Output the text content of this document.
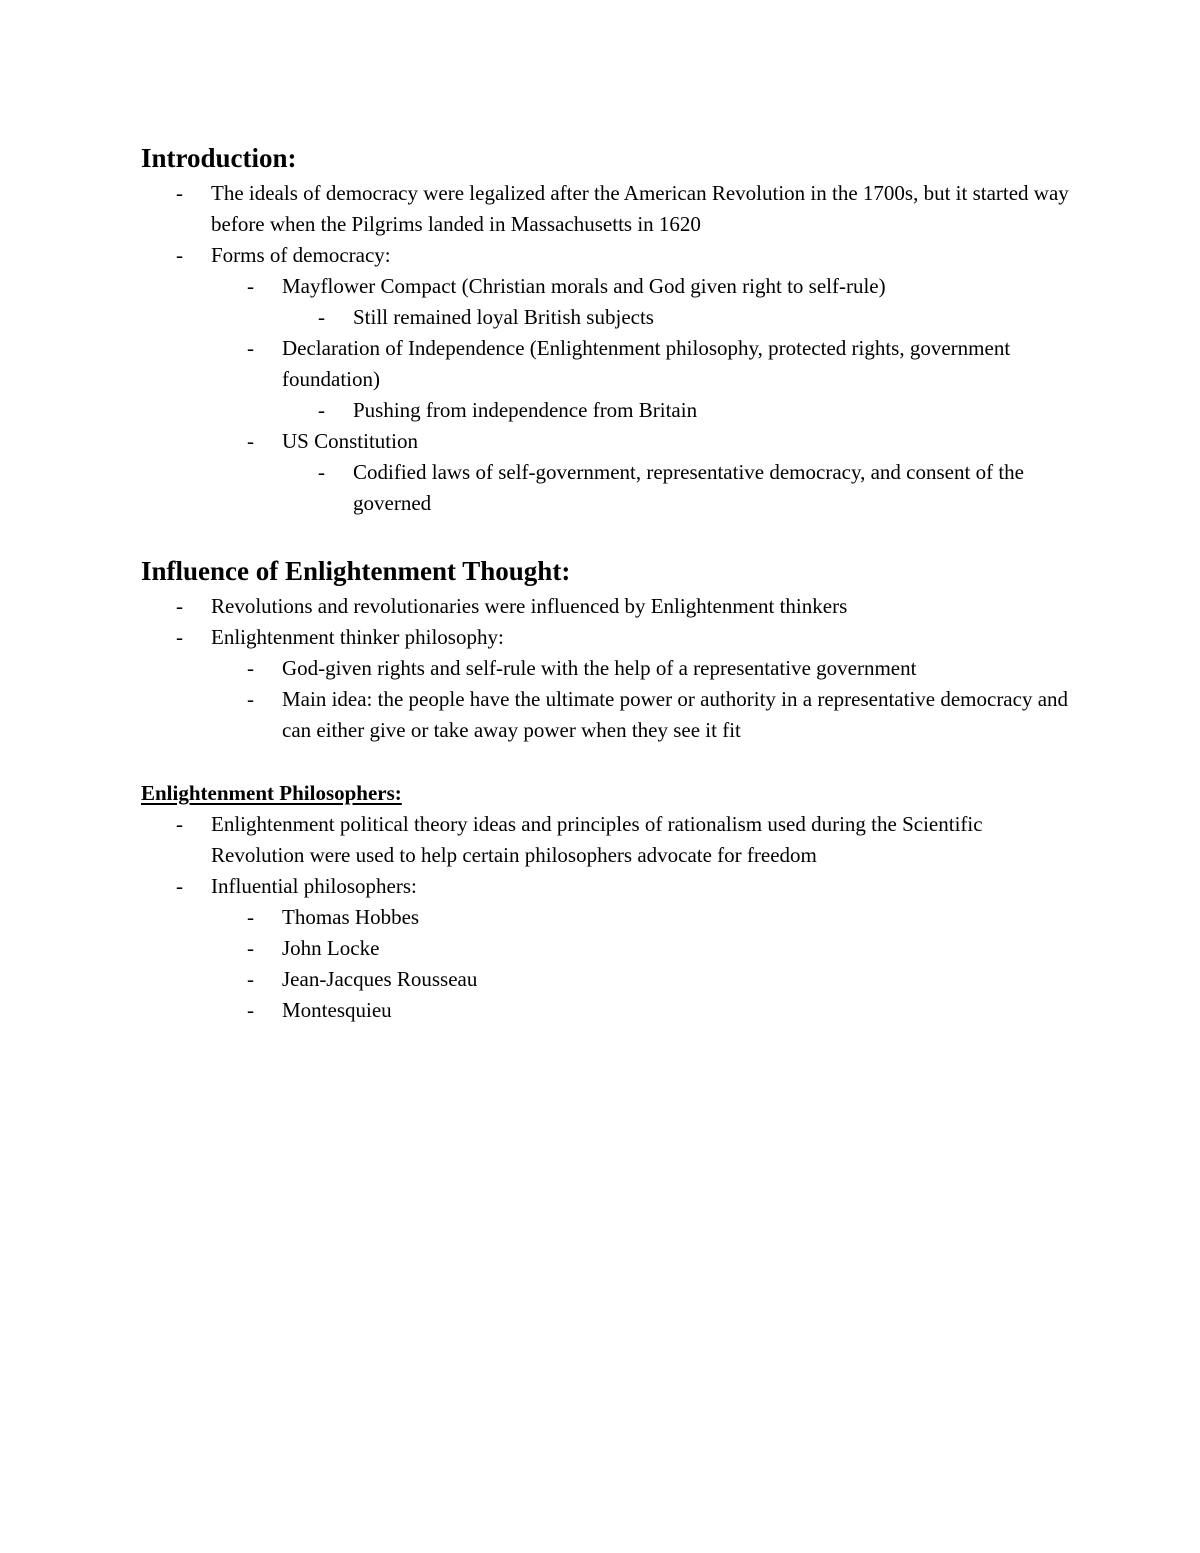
Introduction:
- The ideals of democracy were legalized after the American Revolution in the 1700s, but it started way before when the Pilgrims landed in Massachusetts in 1620
- Forms of democracy:
- Mayflower Compact (Christian morals and God given right to self-rule)
- Still remained loyal British subjects
- Declaration of Independence (Enlightenment philosophy, protected rights, government foundation)
- Pushing from independence from Britain
- US Constitution
- Codified laws of self-government, representative democracy, and consent of the governed
Influence of Enlightenment Thought:
- Revolutions and revolutionaries were influenced by Enlightenment thinkers
- Enlightenment thinker philosophy:
- God-given rights and self-rule with the help of a representative government
- Main idea: the people have the ultimate power or authority in a representative democracy and can either give or take away power when they see it fit
Enlightenment Philosophers:
- Enlightenment political theory ideas and principles of rationalism used during the Scientific Revolution were used to help certain philosophers advocate for freedom
- Influential philosophers:
- Thomas Hobbes
- John Locke
- Jean-Jacques Rousseau
- Montesquieu
